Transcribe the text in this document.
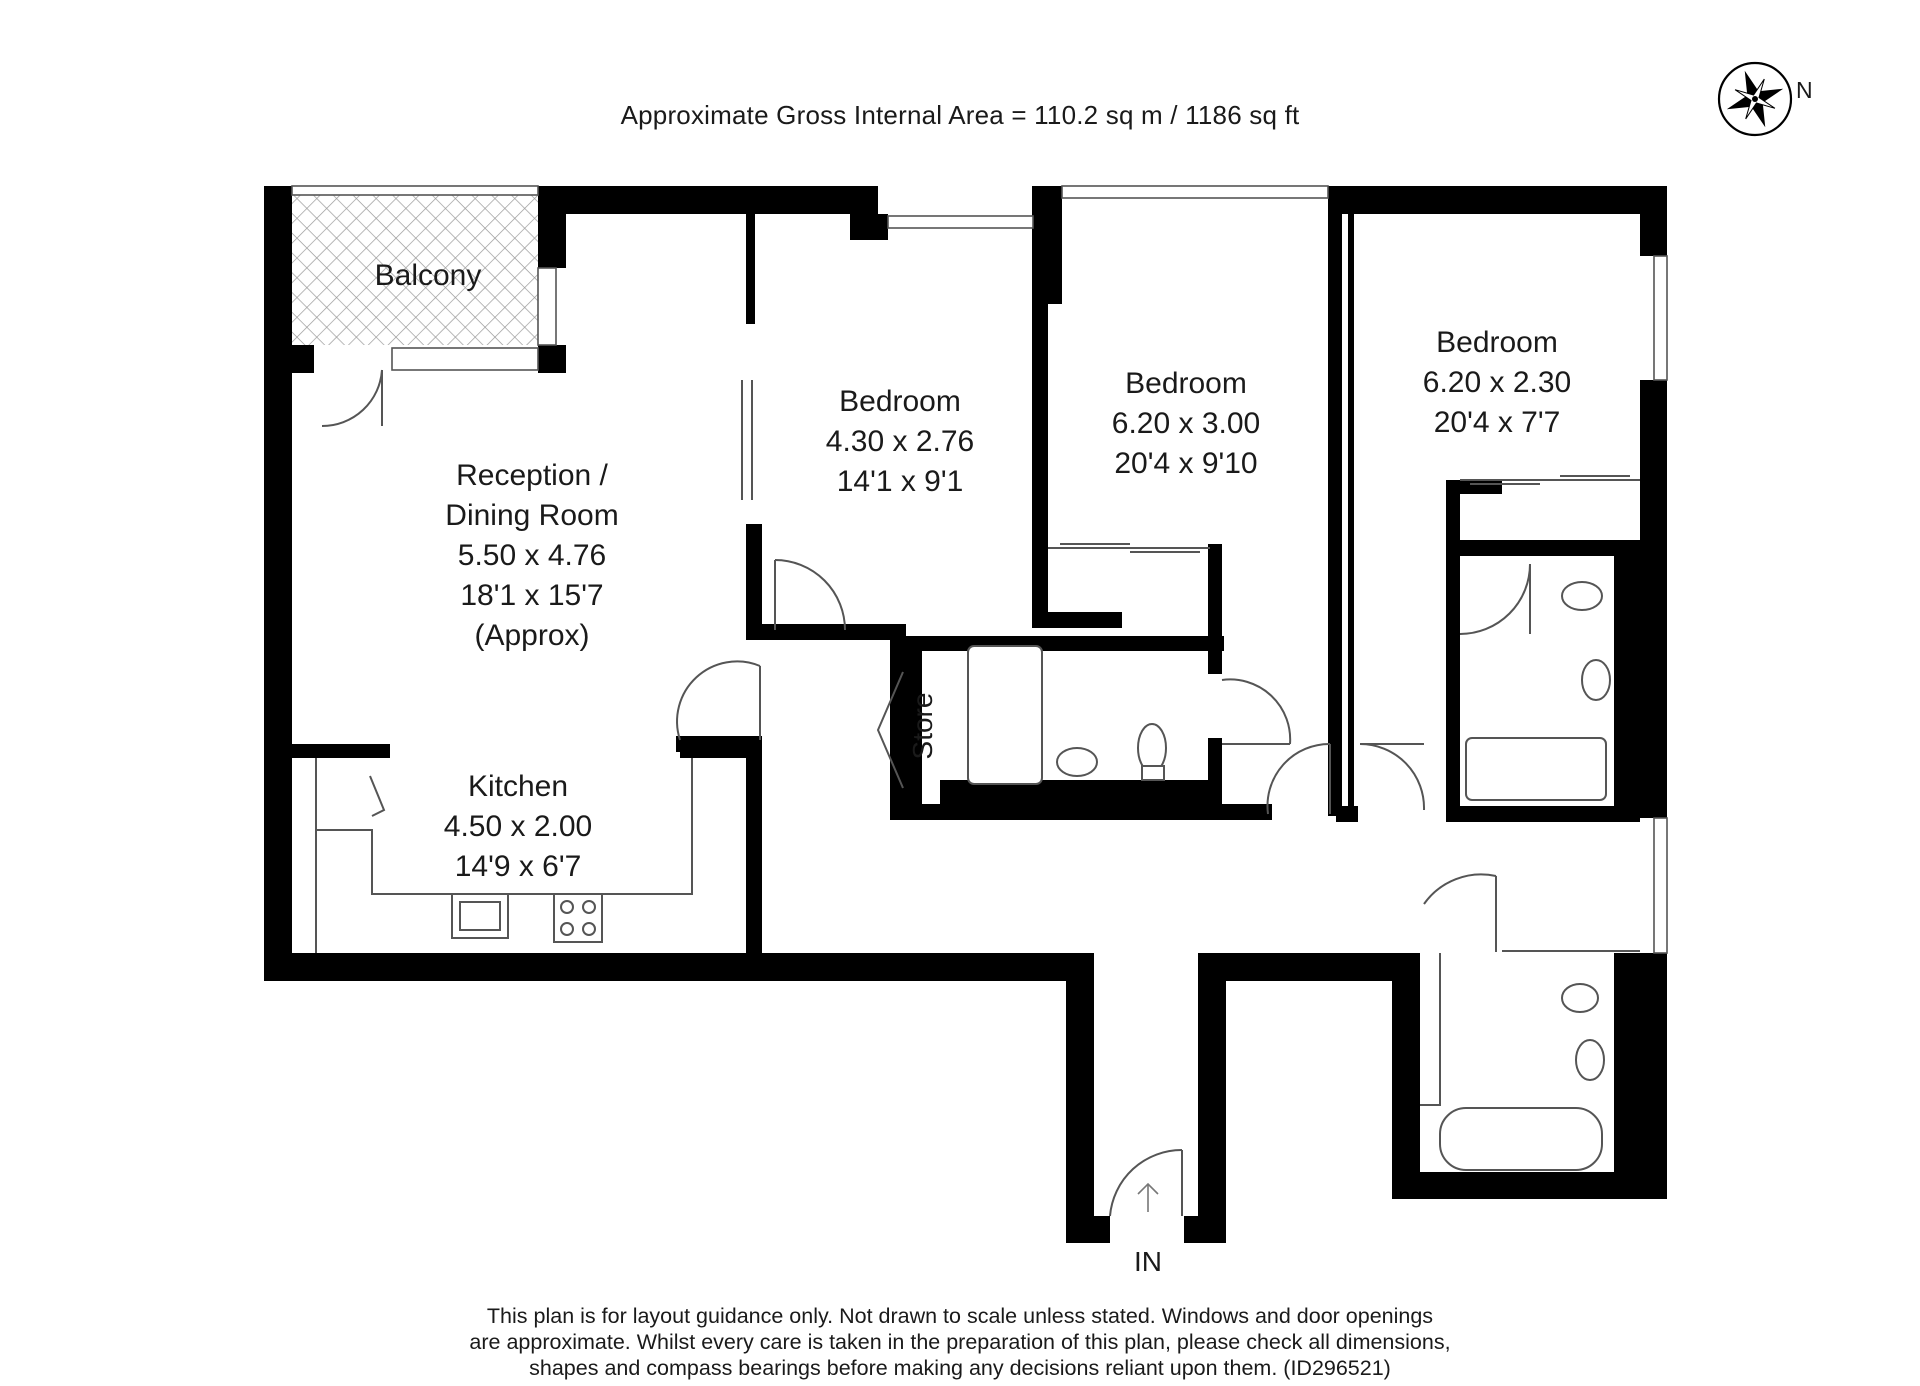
Approximate Gross Internal Area = 110.2 sq m / 1186 sq ft
Balcony
Reception /
Dining Room
5.50 x 4.76
18'1 x 15'7
(Approx)
Kitchen
4.50 x 2.00
14'9 x 6'7
Bedroom
4.30 x 2.76
14'1 x 9'1
Bedroom
6.20 x 3.00
20'4 x 9'10
Bedroom
6.20 x 2.30
20'4 x 7'7
Store
IN
N
This plan is for layout guidance only. Not drawn to scale unless stated. Windows and door openings
are approximate. Whilst every care is taken in the preparation of this plan, please check all dimensions,
shapes and compass bearings before making any decisions reliant upon them. (ID296521)
